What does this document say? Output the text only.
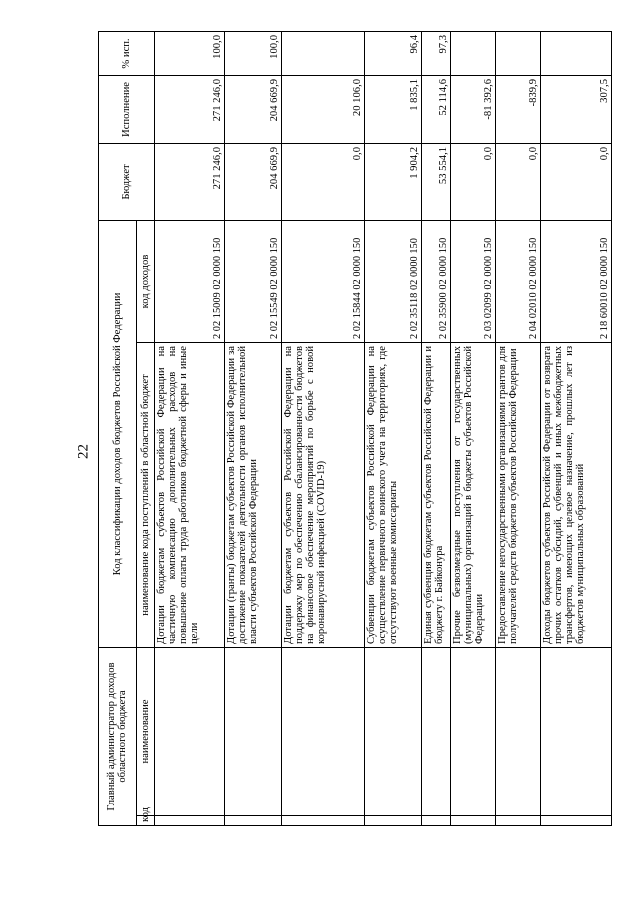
22
Главный администратор доходов областного бюджета		Код классификации доходов бюджетов Российской Федерации		Бюджет	Исполнение	% исп.
код	наименование	наименование кода поступлений в областной бюджет	код доходов			
		Дотации бюджетам субъектов Российской Федерации на частичную компенсацию дополнительных расходов на повышение оплаты труда работников бюджетной сферы и иные цели	2 02 15009 02 0000 150	271 246,0	271 246,0	100,0
		Дотации (гранты) бюджетам субъектов Российской Федерации за достижение показателей деятельности органов исполнительной власти субъектов Российской Федерации	2 02 15549 02 0000 150	204 669,9	204 669,9	100,0
		Дотации бюджетам субъектов Российской Федерации на поддержку мер по обеспечению сбалансированности бюджетов на финансовое обеспечение мероприятий по борьбе с новой коронавирусной инфекцией (COVID-19)	2 02 15844 02 0000 150	0,0	20 106,0	
		Субвенции бюджетам субъектов Российской Федерации на осуществление первичного воинского учета на территориях, где отсутствуют военные комиссариаты	2 02 35118 02 0000 150	1 904,2	1 835,1	96,4
		Единая субвенция бюджетам субъектов Российской Федерации и бюджету г. Байконура	2 02 35900 02 0000 150	53 554,1	52 114,6	97,3
		Прочие безвозмездные поступления от государственных (муниципальных) организаций в бюджеты субъектов Российской Федерации	2 03 02099 02 0000 150	0,0	-81 392,6	
		Предоставление негосударственными организациями грантов для получателей средств бюджетов субъектов Российской Федерации	2 04 02010 02 0000 150	0,0	-839,9	
		Доходы бюджетов субъектов Российской Федерации от возврата прочих остатков субсидий, субвенций и иных межбюджетных трансфертов, имеющих целевое назначение, прошлых лет из бюджетов муниципальных образований	2 18 60010 02 0000 150	0,0	307,5	
